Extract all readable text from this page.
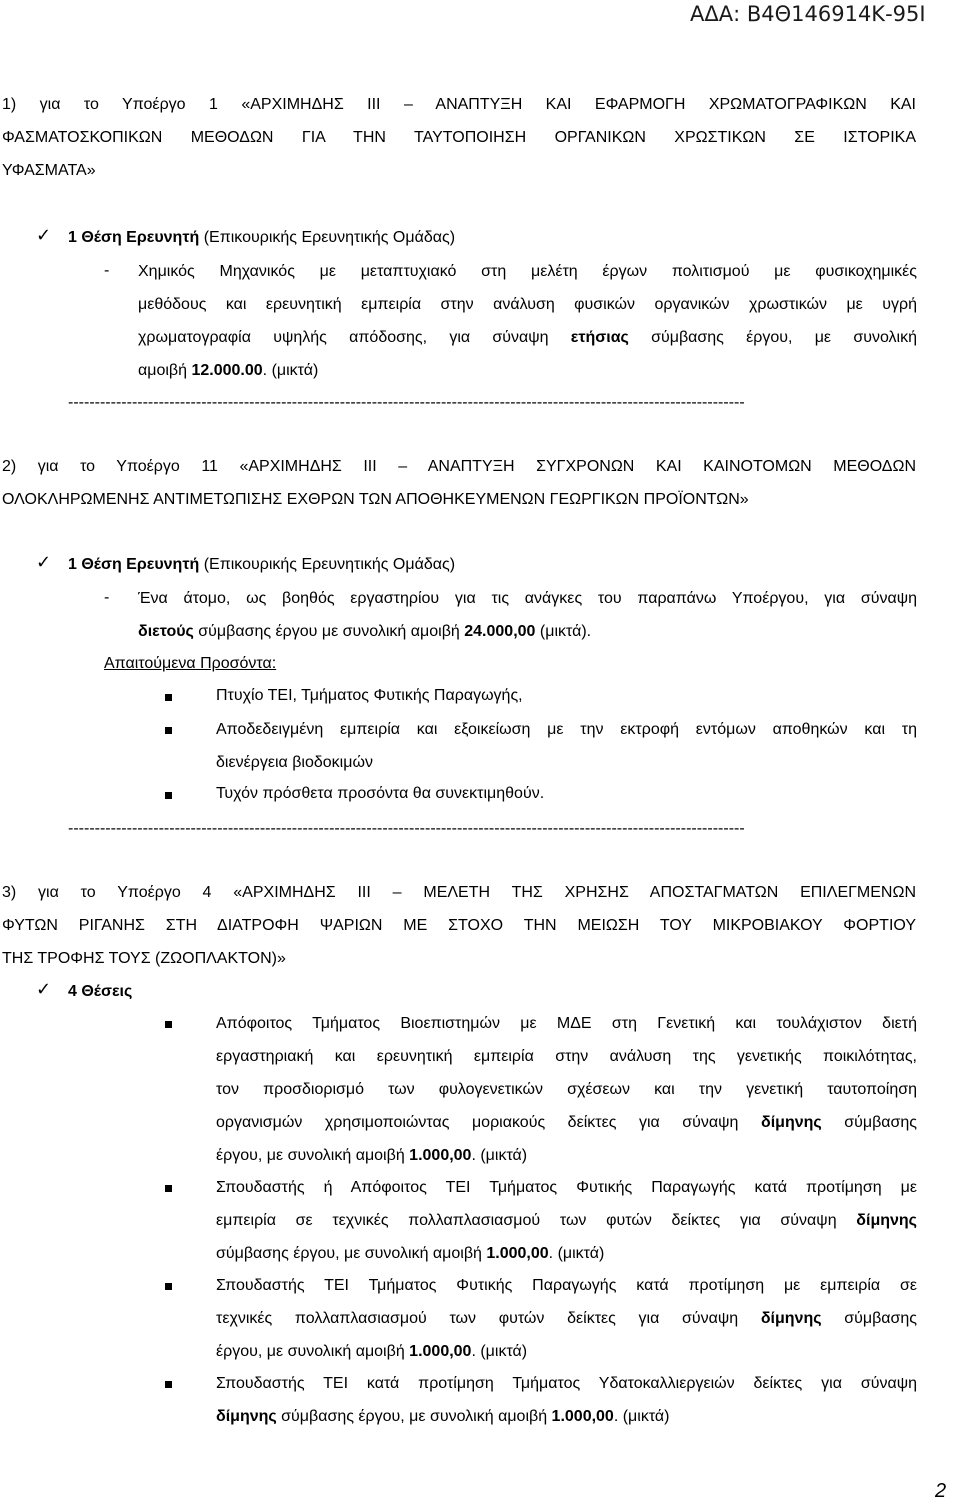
ΑΔΑ: Β4Θ146914Κ-95Ι
1) για το Υποέργο 1 «ΑΡΧΙΜΗΔΗΣ ΙΙΙ – ΑΝΑΠΤΥΞΗ ΚΑΙ ΕΦΑΡΜΟΓΗ ΧΡΩΜΑΤΟΓΡΑΦΙΚΩΝ ΚΑΙ
ΦΑΣΜΑΤΟΣΚΟΠΙΚΩΝ ΜΕΘΟΔΩΝ ΓΙΑ ΤΗΝ ΤΑΥΤΟΠΟΙΗΣΗ ΟΡΓΑΝΙΚΩΝ ΧΡΩΣΤΙΚΩΝ ΣΕ ΙΣΤΟΡΙΚΑ
ΥΦΑΣΜΑΤΑ»
✓ 1 Θέση Ερευνητή (Επικουρικής Ερευνητικής Ομάδας)
- Χημικός Μηχανικός με μεταπτυχιακό στη μελέτη έργων πολιτισμού με φυσικοχημικές
μεθόδους και ερευνητική εμπειρία στην ανάλυση φυσικών οργανικών χρωστικών με υγρή
χρωματογραφία υψηλής απόδοσης, για σύναψη ετήσιας σύμβασης έργου, με συνολική
αμοιβή 12.000.00. (μικτά)
-------------------------------------------------------------------------------------------------------------------------------
2) για το Υποέργο 11 «ΑΡΧΙΜΗΔΗΣ ΙΙΙ – ΑΝΑΠΤΥΞΗ ΣΥΓΧΡΟΝΩΝ ΚΑΙ ΚΑΙΝΟΤΟΜΩΝ ΜΕΘΟΔΩΝ
ΟΛΟΚΛΗΡΩΜΕΝΗΣ ΑΝΤΙΜΕΤΩΠΙΣΗΣ ΕΧΘΡΩΝ ΤΩΝ ΑΠΟΘΗΚΕΥΜΕΝΩΝ ΓΕΩΡΓΙΚΩΝ ΠΡΟΪΟΝΤΩΝ»
✓ 1 Θέση Ερευνητή (Επικουρικής Ερευνητικής Ομάδας)
- Ένα άτομο, ως βοηθός εργαστηρίου για τις ανάγκες του παραπάνω Υποέργου, για σύναψη
διετούς σύμβασης έργου με συνολική αμοιβή 24.000,00 (μικτά).
Απαιτούμενα Προσόντα:
Πτυχίο ΤΕΙ, Τμήματος Φυτικής Παραγωγής,
Αποδεδειγμένη εμπειρία και εξοικείωση με την εκτροφή εντόμων αποθηκών και τη
διενέργεια βιοδοκιμών
Τυχόν πρόσθετα προσόντα θα συνεκτιμηθούν.
-------------------------------------------------------------------------------------------------------------------------------
3) για το Υποέργο 4 «ΑΡΧΙΜΗΔΗΣ ΙΙΙ – ΜΕΛΕΤΗ ΤΗΣ ΧΡΗΣΗΣ ΑΠΟΣΤΑΓΜΑΤΩΝ ΕΠΙΛΕΓΜΕΝΩΝ
ΦΥΤΩΝ ΡΙΓΑΝΗΣ ΣΤΗ ΔΙΑΤΡΟΦΗ ΨΑΡΙΩΝ ΜΕ ΣΤΟΧΟ ΤΗΝ ΜΕΙΩΣΗ ΤΟΥ ΜΙΚΡΟΒΙΑΚΟΥ ΦΟΡΤΙΟΥ
ΤΗΣ ΤΡΟΦΗΣ ΤΟΥΣ (ΖΩΟΠΛΑΚΤΟΝ)»
✓ 4 Θέσεις
Απόφοιτος Τμήματος Βιοεπιστημών με ΜΔΕ στη Γενετική και τουλάχιστον διετή
εργαστηριακή και ερευνητική εμπειρία στην ανάλυση της γενετικής ποικιλότητας,
τον προσδιορισμό των φυλογενετικών σχέσεων και την γενετική ταυτοποίηση
οργανισμών χρησιμοποιώντας μοριακούς δείκτες για σύναψη δίμηνης σύμβασης
έργου, με συνολική αμοιβή 1.000,00. (μικτά)
Σπουδαστής ή Απόφοιτος ΤΕΙ Τμήματος Φυτικής Παραγωγής κατά προτίμηση με
εμπειρία σε τεχνικές πολλαπλασιασμού των φυτών δείκτες για σύναψη δίμηνης
σύμβασης έργου, με συνολική αμοιβή 1.000,00. (μικτά)
Σπουδαστής ΤΕΙ Τμήματος Φυτικής Παραγωγής κατά προτίμηση με εμπειρία σε
τεχνικές πολλαπλασιασμού των φυτών δείκτες για σύναψη δίμηνης σύμβασης
έργου, με συνολική αμοιβή 1.000,00. (μικτά)
Σπουδαστής ΤΕΙ κατά προτίμηση Τμήματος Υδατοκαλλιεργειών δείκτες για σύναψη
δίμηνης σύμβασης έργου, με συνολική αμοιβή 1.000,00. (μικτά)
2
